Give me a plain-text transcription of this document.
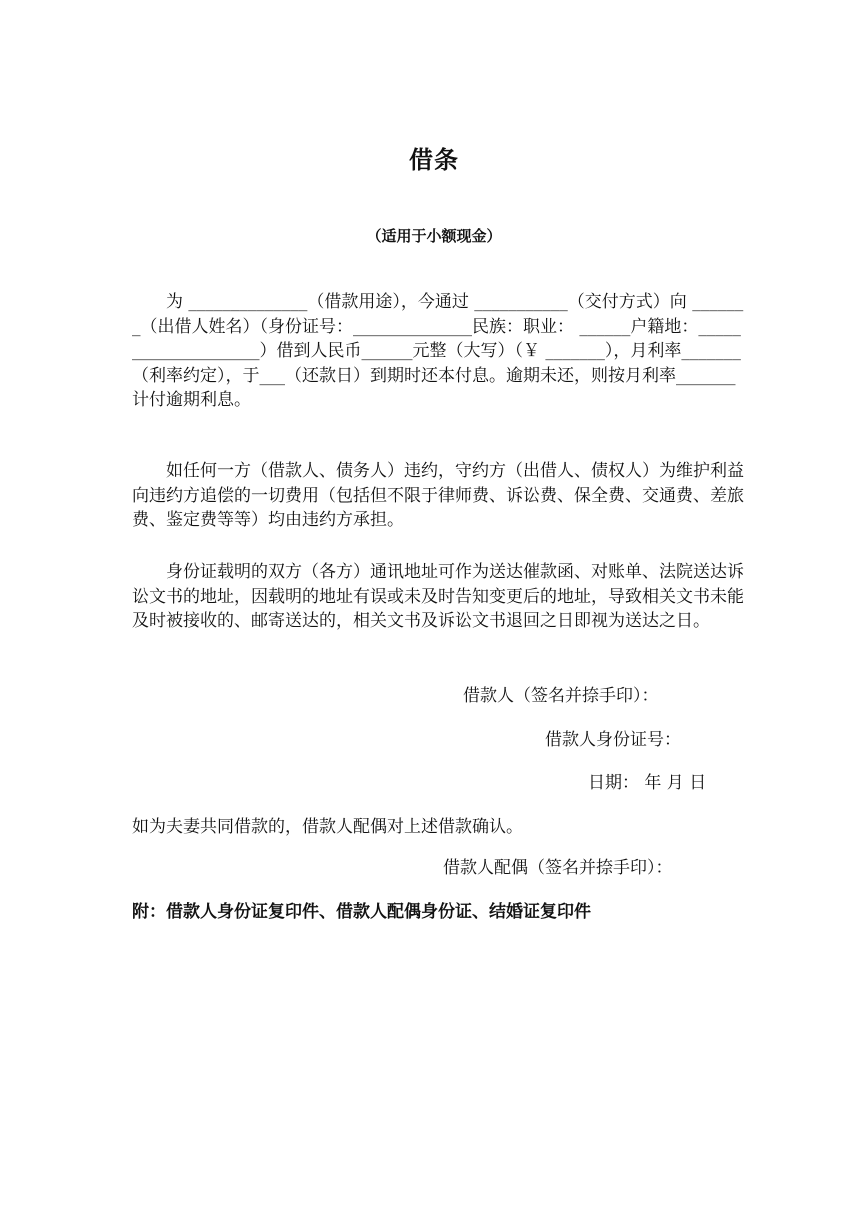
借条
（适用于小额现金）
为 ______________（借款用途），今通过 ___________（交付方式）向 _______（出借人姓名）（身份证号：______________民族：职业： ______户籍地：____________________）借到人民币______元整（大写）（￥ _______），月利率_______（利率约定），于___（还款日）到期时还本付息。逾期未还，则按月利率_______计付逾期利息。
如任何一方（借款人、债务人）违约，守约方（出借人、债权人）为维护利益向违约方追偿的一切费用（包括但不限于律师费、诉讼费、保全费、交通费、差旅费、鉴定费等等）均由违约方承担。
身份证载明的双方（各方）通讯地址可作为送达催款函、对账单、法院送达诉讼文书的地址，因载明的地址有误或未及时告知变更后的地址，导致相关文书未能及时被接收的、邮寄送达的，相关文书及诉讼文书退回之日即视为送达之日。
借款人（签名并捺手印）：
借款人身份证号：
日期： 年 月 日
如为夫妻共同借款的，借款人配偶对上述借款确认。
借款人配偶（签名并捺手印）：
附：借款人身份证复印件、借款人配偶身份证、结婚证复印件
